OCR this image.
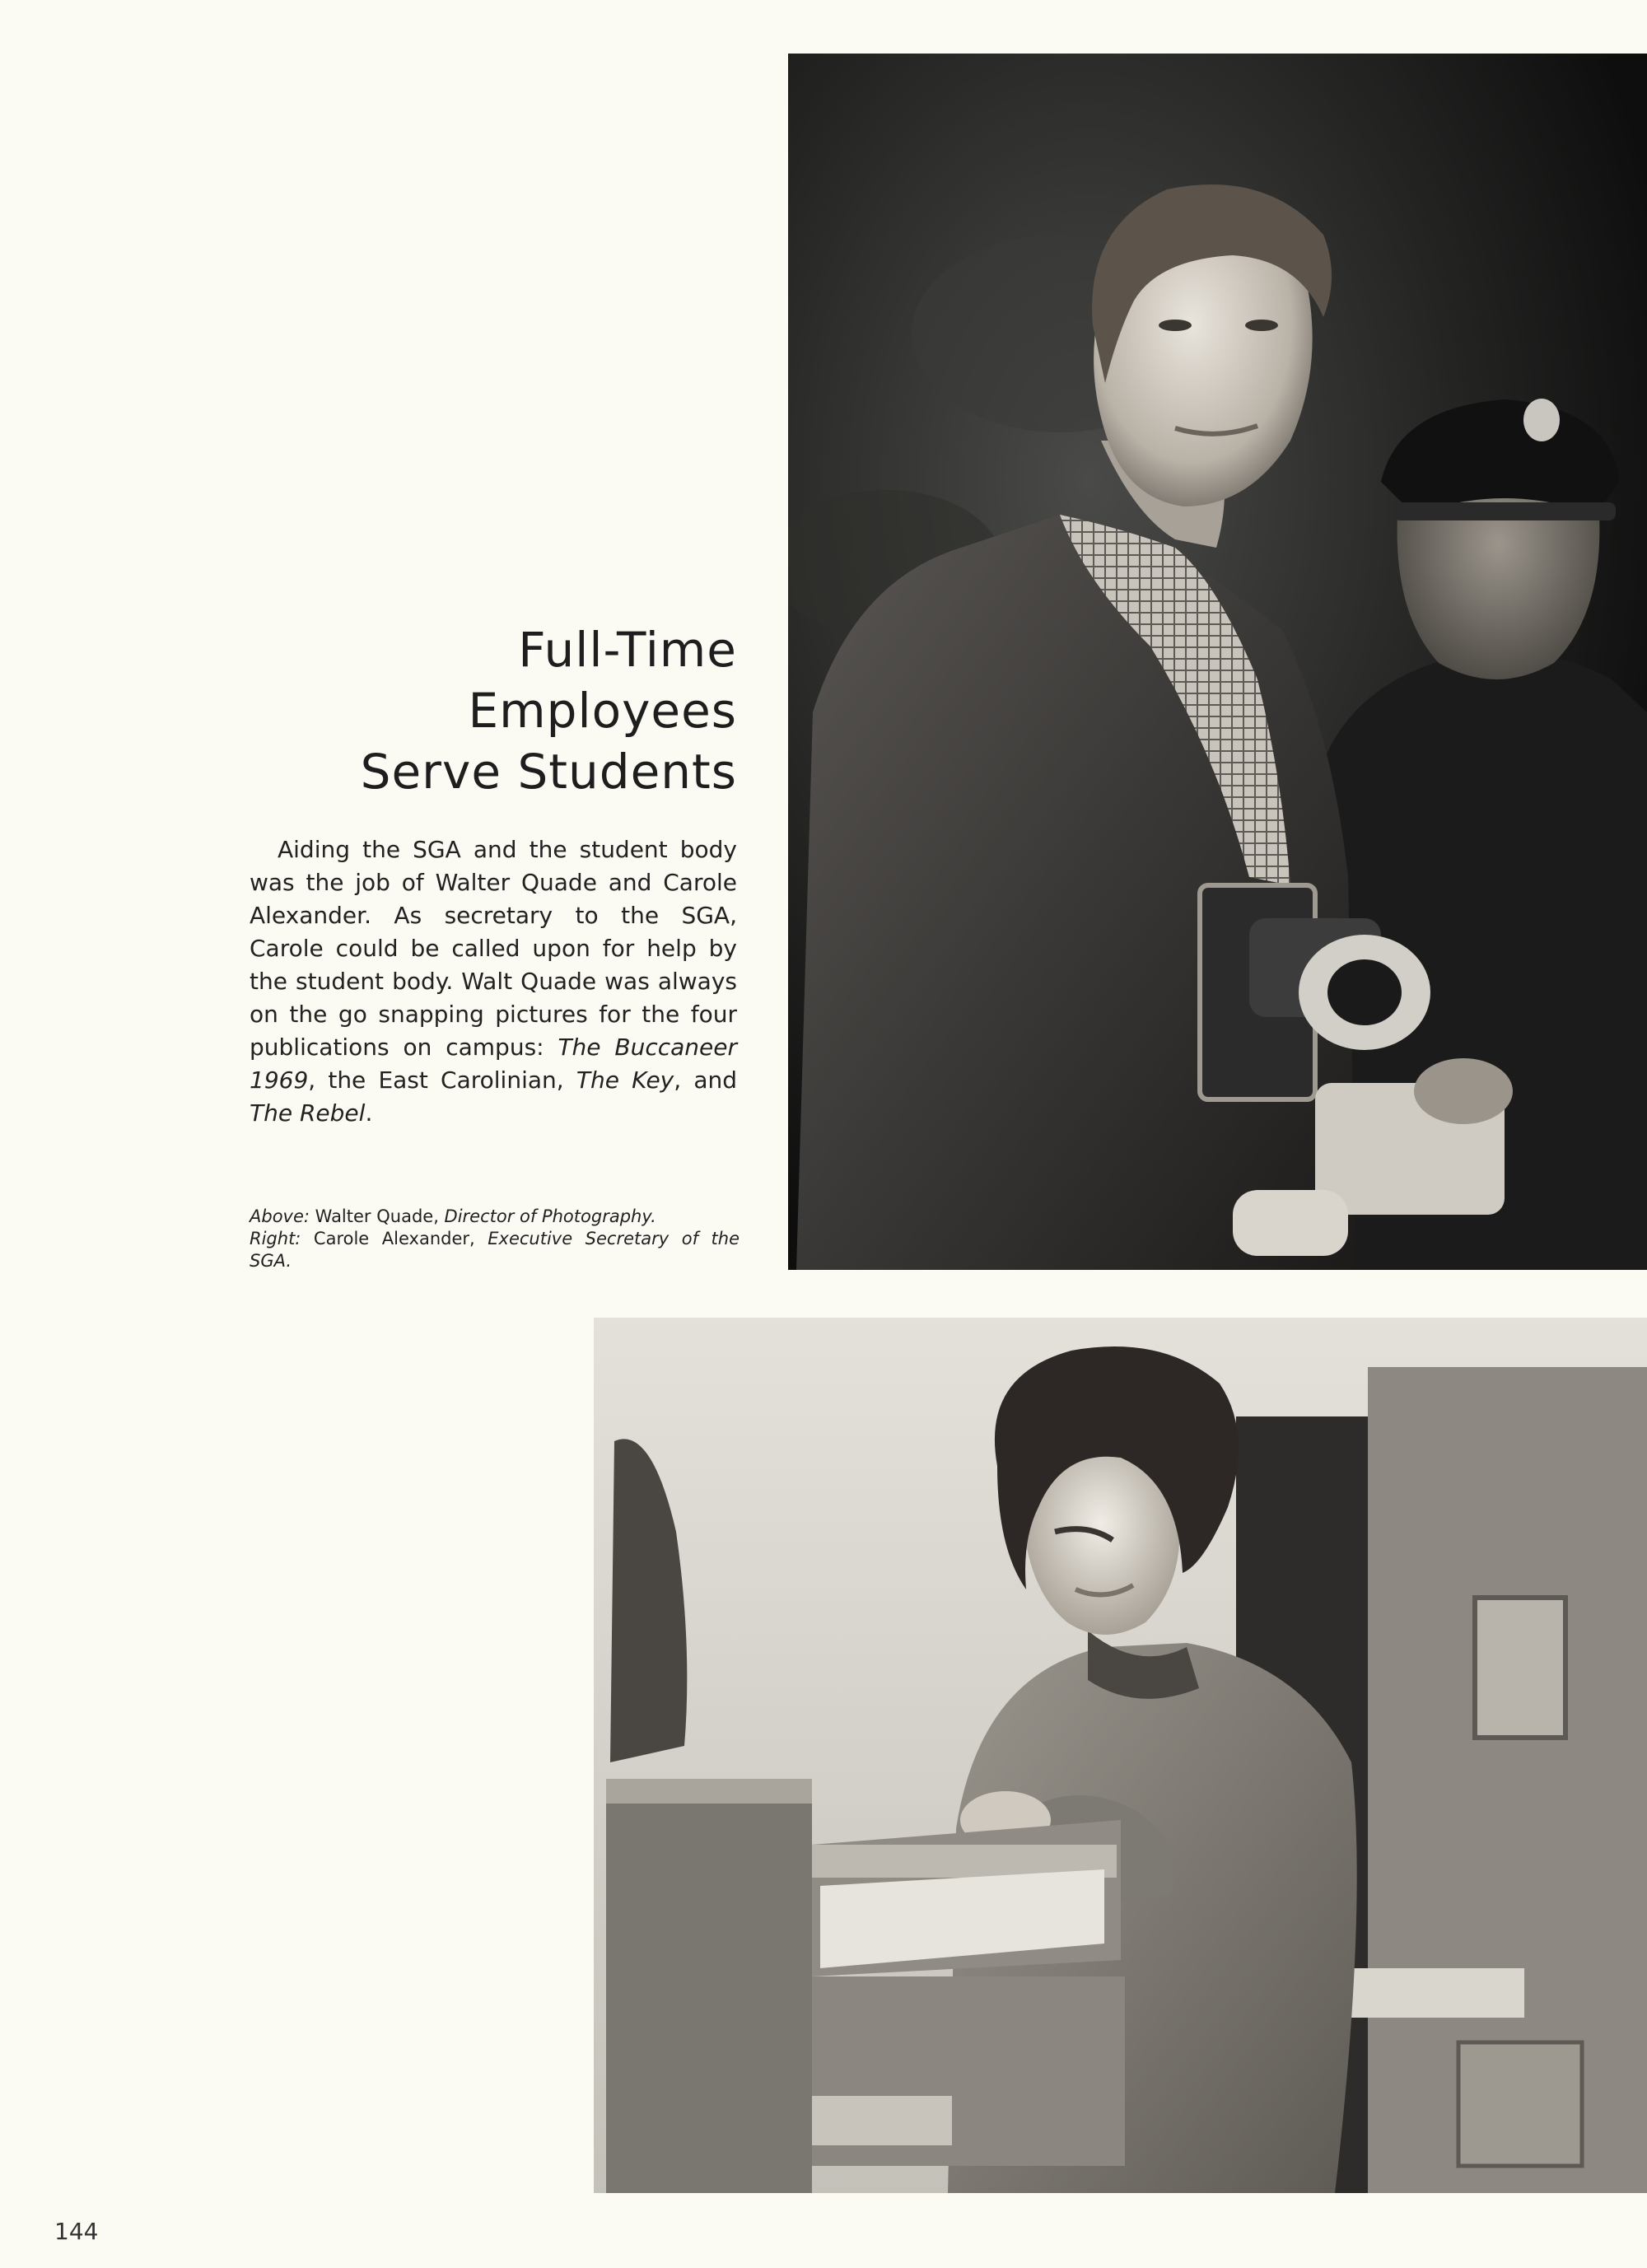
Full-Time
Employees
Serve Students

Aiding the SGA and the student body was the job of Walter Quade and Carole Alexander. As secretary to the SGA, Carole could be called upon for help by the student body. Walt Quade was always on the go snapping pictures for the four publications on campus: The Buccaneer 1969, the East Carolinian, The Key, and The Rebel.

Above: Walter Quade, Director of Photography.
Right: Carole Alexander, Executive Secretary of the SGA.

144
